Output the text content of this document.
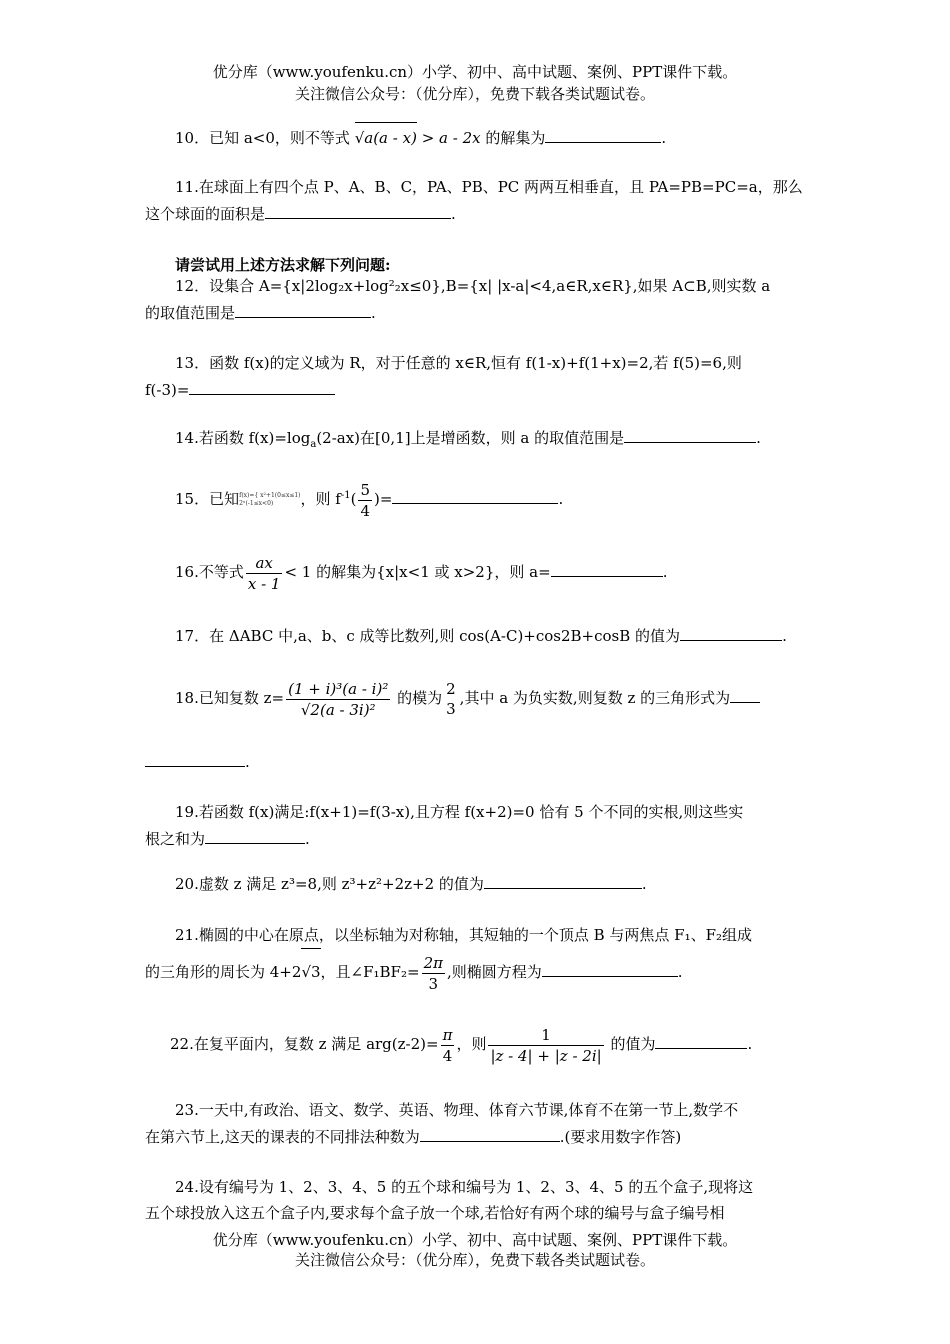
优分库（www.youfenku.cn）小学、初中、高中试题、案例、PPT课件下载。
关注微信公众号：（优分库），免费下载各类试题试卷。
10．已知 a<0，则不等式 √a(a - x) > a - 2x 的解集为	.
11.在球面上有四个点 P、A、B、C，PA、PB、PC 两两互相垂直，且 PA=PB=PC=a，那么
这个球面的面积是	.
请尝试用上述方法求解下列问题:
12．设集合 A={x|2log₂x+log²₂x≤0},B={x| |x-a|<4,a∈R,x∈R},如果 A⊂B,则实数 a
的取值范围是	.
13．函数 f(x)的定义域为 R，对于任意的 x∈R,恒有 f(1-x)+f(1+x)=2,若 f(5)=6,则
f(-3)=
14.若函数 $f(x)=\log_a(2-ax)$在[0,1]上是增函数，则 a 的取值范围是	.
15．已知 f(x)={ x²+1(0≤x≤1)
2ˣ(-1≤x<0)	，则 $f^{-1}( \frac{5}{4}$ )=	.
16.不等式 $\frac{ax}{x - 1} < 1$ 的解集为{x|x<1 或 x>2}，则 a=	.
17．在 ΔABC 中,a、b、c 成等比数列,则 cos(A-C)+cos2B+cosB 的值为	.
18.已知复数 $z= \frac{\text{(1 + i)³(a - i)²}}{\text{√2(a - 3i)²}}$ 的模为 2
3
,其中 a 为负实数,则复数 z 的三角形式为
.
19.若函数 f(x)满足:f(x+1)=f(3-x),且方程 f(x+2)=0 恰有 5 个不同的实根,则这些实
根之和为	.
20.虚数 z 满足 z³=8,则 z³+z²+2z+2 的值为	.
21.椭圆的中心在原点，以坐标轴为对称轴，其短轴的一个顶点 B 与两焦点 F₁、F₂组成
的三角形的周长为 4+2√3，且∠F₁BF₂= $\frac{2\pi}{3}$ ,则椭圆方程为	.
22.在复平面内，复数 z 满足 $arg(z-2)= \frac{\pi}{4}$ ，则 $\frac{1}{|z - 4| + |z - 2i|}$ 的值为	.
23.一天中,有政治、语文、数学、英语、物理、体育六节课,体育不在第一节上,数学不
在第六节上,这天的课表的不同排法种数为	.(要求用数字作答)
24.设有编号为 1、2、3、4、5 的五个球和编号为 1、2、3、4、5 的五个盒子,现将这
五个球投放入这五个盒子内,要求每个盒子放一个球,若恰好有两个球的编号与盒子编号相
优分库（www.youfenku.cn）小学、初中、高中试题、案例、PPT课件下载。
关注微信公众号：（优分库），免费下载各类试题试卷。
